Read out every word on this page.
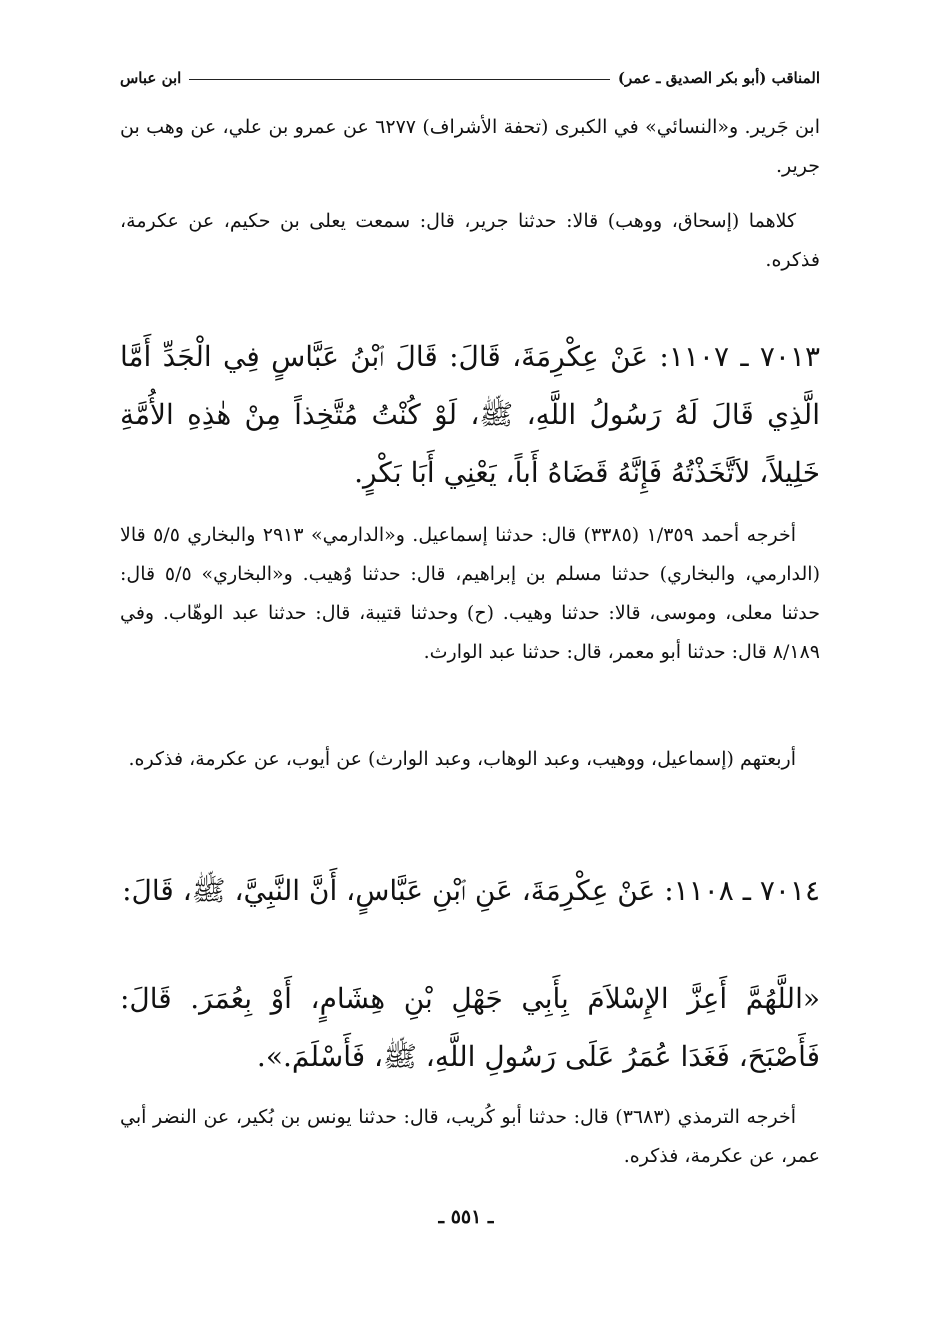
المناقب (أبو بكر الصديق ـ عمر)
ابن عباس
ابن جَرير. و«النسائي» في الكبرى (تحفة الأشراف) ٦٢٧٧ عن عمرو بن علي، عن وهب بن جرير.
كلاهما (إسحاق، ووهب) قالا: حدثنا جرير، قال: سمعت يعلى بن حكيم، عن عكرمة، فذكره.
٧٠١٣ ـ ١١٠٧: عَنْ عِكْرِمَةَ، قَالَ: قَالَ ٱبْنُ عَبَّاسٍ فِي الْجَدِّ أَمَّا الَّذِي قَالَ لَهُ رَسُولُ اللَّهِ، ﷺ، لَوْ كُنْتُ مُتَّخِذاً مِنْ هٰذِهِ الأُمَّةِ خَلِيلاً، لاَتَّخَذْتُهُ فَإِنَّهُ قَضَاهُ أَباً، يَعْنِي أَبَا بَكْرٍ.
أخرجه أحمد ١/٣٥٩ (٣٣٨٥) قال: حدثنا إسماعيل. و«الدارمي» ٢٩١٣ والبخاري ٥/٥ قالا (الدارمي، والبخاري) حدثنا مسلم بن إبراهيم، قال: حدثنا وُهيب. و«البخاري» ٥/٥ قال: حدثنا معلى، وموسى، قالا: حدثنا وهيب. (ح) وحدثنا قتيبة، قال: حدثنا عبد الوهّاب. وفي ٨/١٨٩ قال: حدثنا أبو معمر، قال: حدثنا عبد الوارث.
أربعتهم (إسماعيل، ووهيب، وعبد الوهاب، وعبد الوارث) عن أيوب، عن عكرمة، فذكره.
٧٠١٤ ـ ١١٠٨: عَنْ عِكْرِمَةَ، عَنِ ٱبْنِ عَبَّاسٍ، أَنَّ النَّبِيَّ، ﷺ، قَالَ:
«اللَّهُمَّ أَعِزَّ الإِسْلاَمَ بِأَبِي جَهْلِ بْنِ هِشَامٍ، أَوْ بِعُمَرَ. قَالَ: فَأَصْبَحَ، فَغَدَا عُمَرُ عَلَى رَسُولِ اللَّهِ، ﷺ، فَأَسْلَمَ.».
أخرجه الترمذي (٣٦٨٣) قال: حدثنا أبو كُريب، قال: حدثنا يونس بن بُكير، عن النضر أبي عمر، عن عكرمة، فذكره.
ـ ٥٥١ ـ
